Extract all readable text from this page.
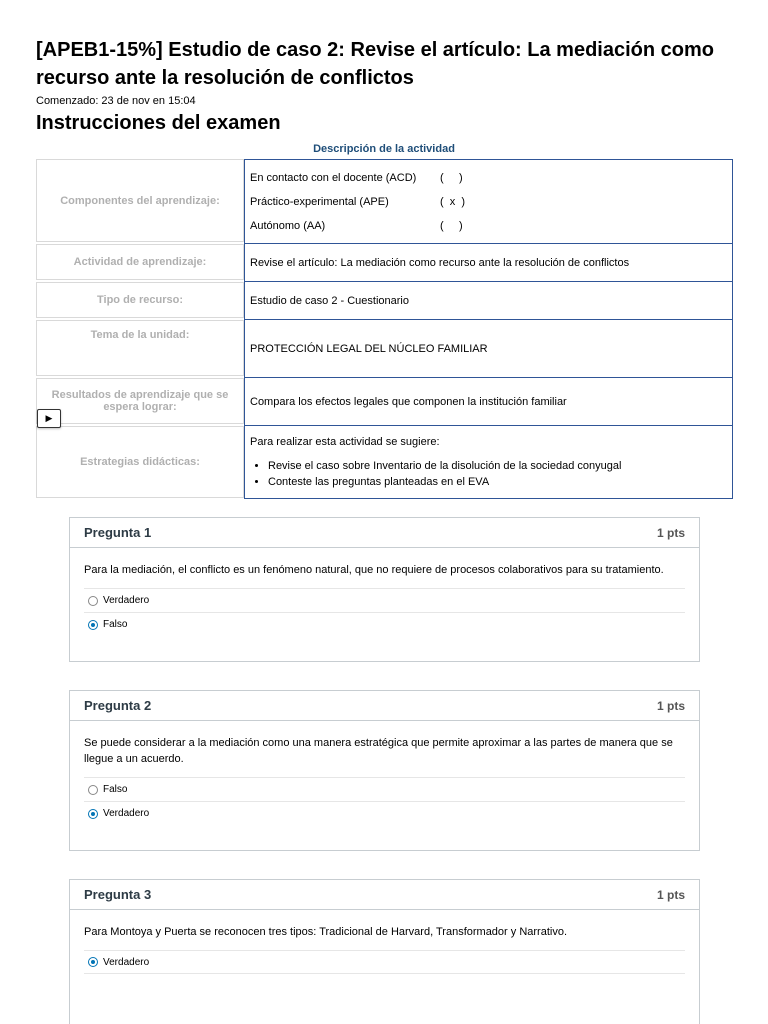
[APEB1-15%] Estudio de caso 2: Revise el artículo: La mediación como recurso ante la resolución de conflictos
Comenzado: 23 de nov en 15:04
Instrucciones del examen
Descripción de la actividad
Componentes del aprendizaje:
En contacto con el docente (ACD)	(     )
Práctico-experimental (APE)	(  x  )
Autónomo (AA)	(     )
Actividad de aprendizaje:	Revise el artículo: La mediación como recurso ante la resolución de conflictos
Tipo de recurso:	Estudio de caso 2 - Cuestionario
Tema de la unidad:
PROTECCIÓN LEGAL DEL NÚCLEO FAMILIAR
Resultados de aprendizaje que se espera lograr:	Compara los efectos legales que componen la institución familiar
Estrategias didácticas:
Para realizar esta actividad se sugiere:
• Revise el caso sobre Inventario de la disolución de la sociedad conyugal
• Conteste las preguntas planteadas en el EVA
▶
Pregunta 1	1 pts
Para la mediación, el conflicto es un fenómeno natural, que no requiere de procesos colaborativos para su tratamiento.
Verdadero
Falso
Pregunta 2	1 pts
Se puede considerar a la mediación como una manera estratégica que permite aproximar a las partes de manera que se llegue a un acuerdo.
Falso
Verdadero
Pregunta 3	1 pts
Para Montoya y Puerta se reconocen tres tipos: Tradicional de Harvard, Transformador y Narrativo.
Verdadero
